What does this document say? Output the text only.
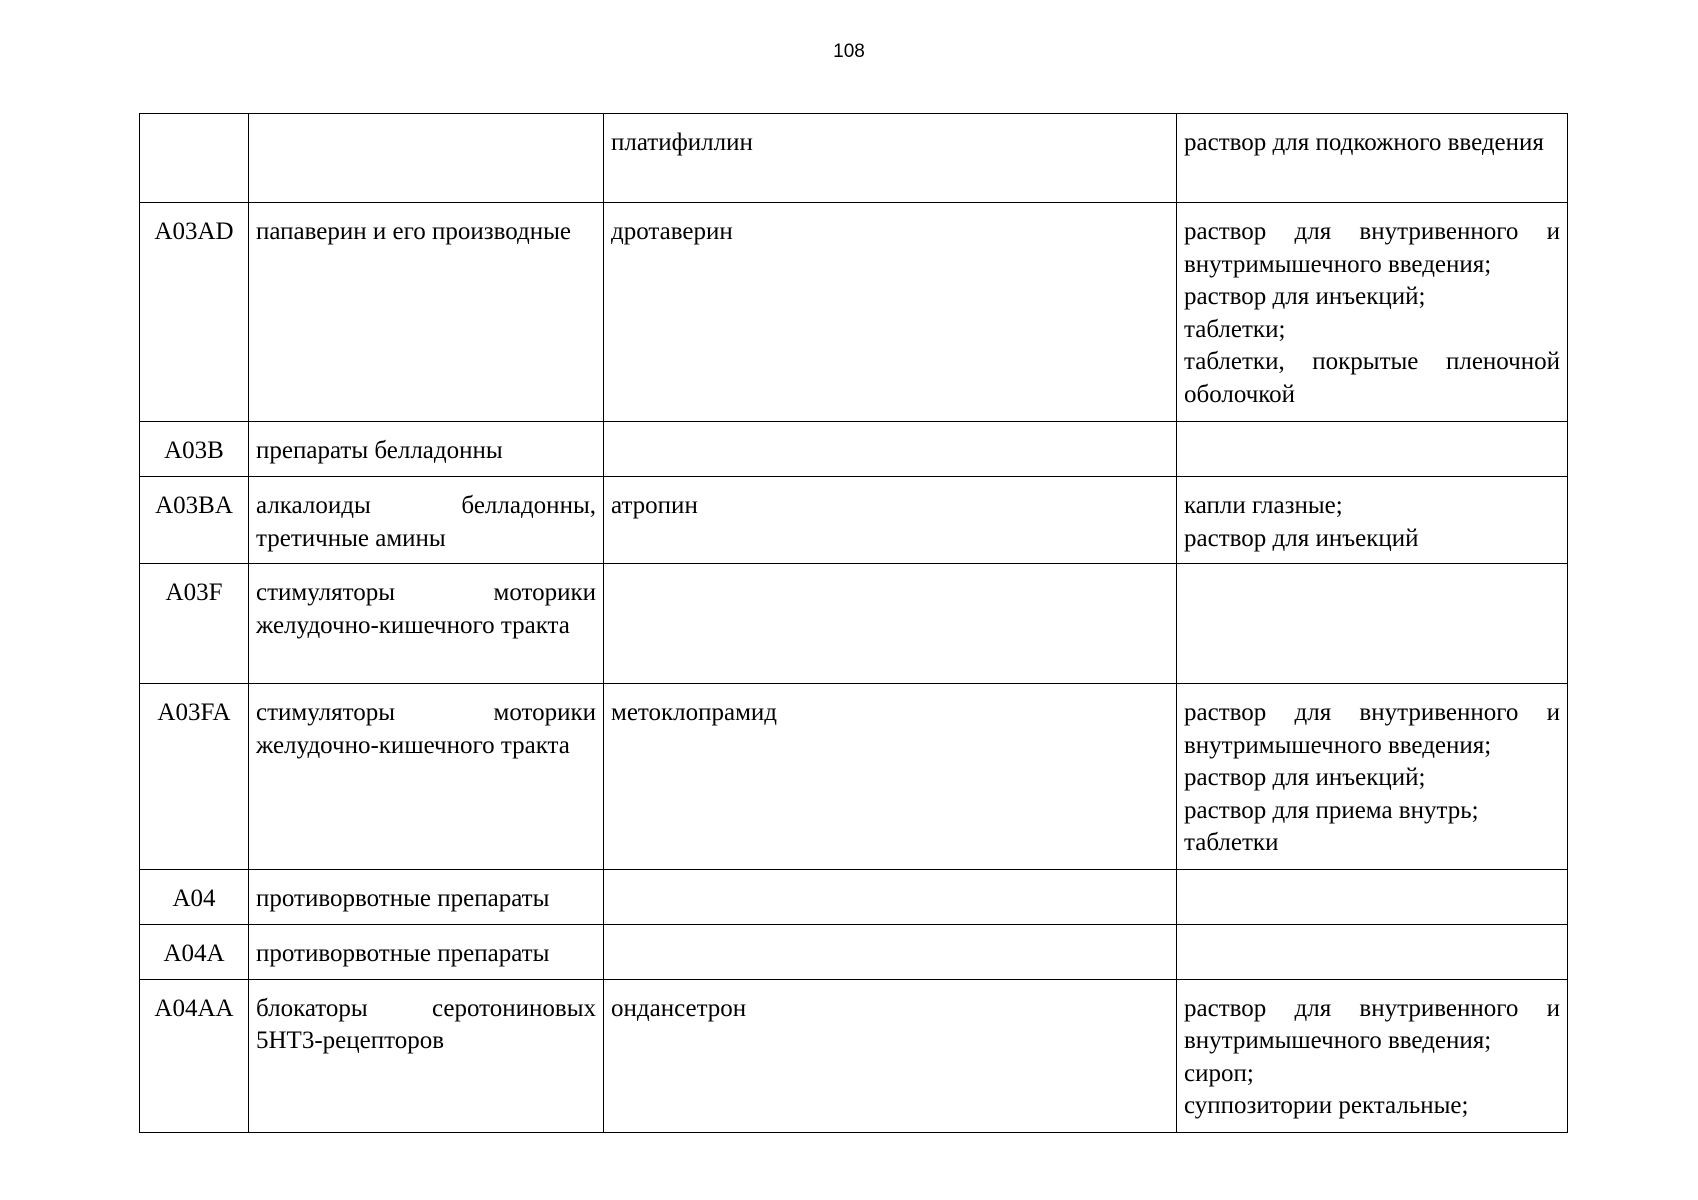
108
		платифиллин	раствор для подкожного введения

A03AD	папаверин и его производные	дротаверин	раствор для внутривенного и внутримышечного введения;
раствор для инъекций;
таблетки;
таблетки, покрытые пленочной оболочкой

A03B	препараты белладонны		
A03BA	алкалоиды белладонны, третичные амины	атропин	капли глазные;
раствор для инъекций

A03F	стимуляторы моторики желудочно-кишечного тракта		
A03FA	стимуляторы моторики желудочно-кишечного тракта	метоклопрамид	раствор для внутривенного и внутримышечного введения;
раствор для инъекций;
раствор для приема внутрь;
таблетки

A04	противорвотные препараты		
A04A	противорвотные препараты		
A04AA	блокаторы серотониновых 5HT3-рецепторов	ондансетрон	раствор для внутривенного и внутримышечного введения;
сироп;
суппозитории ректальные;
